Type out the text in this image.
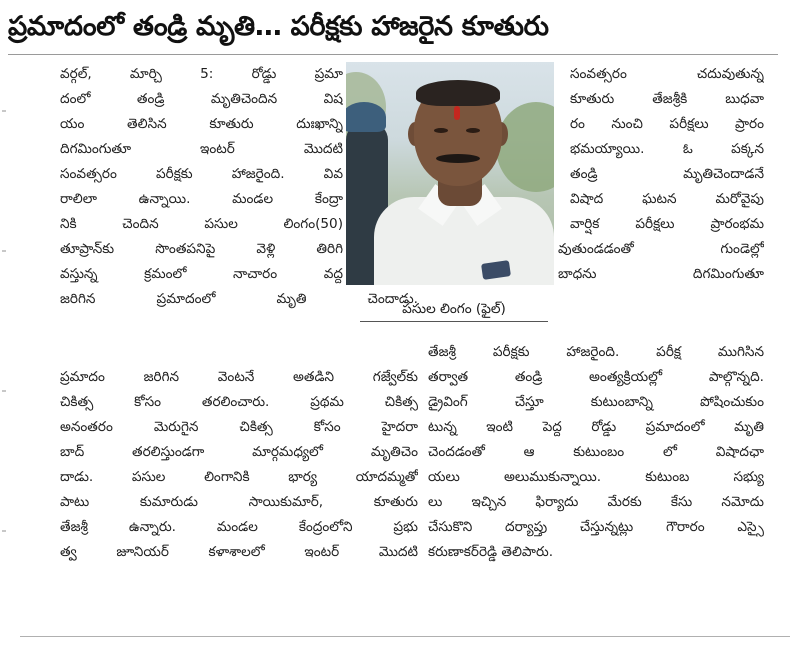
ప్రమాదంలో తండ్రి మృతి… పరీక్షకు హాజరైన కూతురు
వర్గల్, మార్చి 5: రోడ్డు ప్రమా
దంలో తండ్రి మృతిచెందిన విష
యం తెలిసిన కూతురు దుఃఖాన్ని
దిగమింగుతూ ఇంటర్ మొదటి
సంవత్సరం పరీక్షకు హాజరైంది. వివ
రాలిలా ఉన్నాయి. మండల కేంద్రా
నికి చెందిన పసుల లింగం(50)
తూప్రాన్‌కు సొంతపనిపై వెళ్లి తిరిగి
వస్తున్న క్రమంలో నాచారం వద్ద
జరిగిన ప్రమాదంలో మృతి చెందాడు.
ప్రమాదం జరిగిన వెంటనే అతడిని గజ్వేల్‌కు
చికిత్స కోసం తరలించారు. ప్రథమ చికిత్స
అనంతరం మెరుగైన చికిత్స కోసం హైదరా
బాద్ తరలిస్తుండగా మార్గమధ్యలో మృతిచెం
దాడు. పసుల లింగానికి భార్య యాదమ్మతో
పాటు కుమారుడు సాయికుమార్, కూతురు
తేజశ్రీ ఉన్నారు. మండల కేంద్రంలోని ప్రభు
త్వ జూనియర్ కళాశాలలో ఇంటర్ మొదటి
పసుల లింగం (ఫైల్)
సంవత్సరం చదువుతున్న
కూతురు తేజశ్రీకి బుధవా
రం నుంచి పరీక్షలు ప్రారం
భమయ్యాయి. ఓ పక్కన
తండ్రి మృతిచెందాడనే
విషాద ఘటన మరోవైపు
వార్షిక పరీక్షలు ప్రారంభమ
వుతుండడంతో గుండెల్లో
బాధను దిగమింగుతూ
తేజశ్రీ పరీక్షకు హాజరైంది. పరీక్ష ముగిసిన
తర్వాత తండ్రి అంత్యక్రియల్లో పాల్గొన్నది.
డ్రైవింగ్ చేస్తూ కుటుంబాన్ని పోషించుకుం
టున్న ఇంటి పెద్ద రోడ్డు ప్రమాదంలో మృతి
చెందడంతో ఆ కుటుంబం లో విషాదఛా
యలు అలుముకున్నాయి. కుటుంబ సభ్యు
లు ఇచ్చిన ఫిర్యాదు మేరకు కేసు నమోదు
చేసుకొని దర్యాప్తు చేస్తున్నట్లు గౌరారం ఎస్సై
కరుణాకర్‌రెడ్డి తెలిపారు.
